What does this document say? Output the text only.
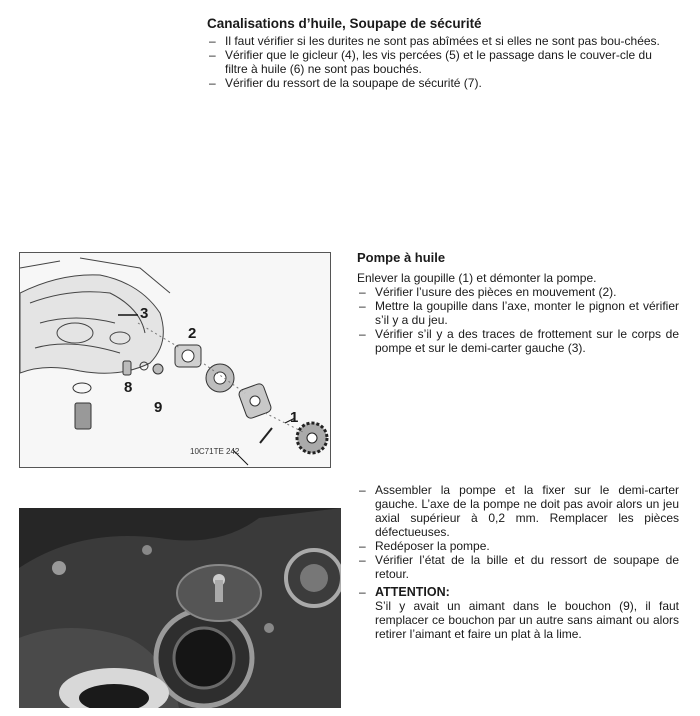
Canalisations d’huile, Soupape de sécurité
– Il faut vérifier si les durites ne sont pas abîmées et si elles ne sont pas bou-chées.
– Vérifier que le gicleur (4), les vis percées (5) et le passage dans le couver-cle du filtre à huile (6) ne sont pas bouchés.
– Vérifier du ressort de la soupape de sécurité (7).
3
2
8
9
1
10C71TE 242
Pompe à huile
Enlever la goupille (1) et démonter la pompe.
– Vérifier l’usure des pièces en mouvement (2).
– Mettre la goupille dans l’axe, monter le pignon et vérifier s’il y a du jeu.
– Vérifier s’il y a des traces de frottement sur le corps de pompe et sur le demi-carter gauche (3).
– Assembler la pompe et la fixer sur le demi-carter gauche. L’axe de la pompe ne doit pas avoir alors un jeu axial supérieur à 0,2 mm. Remplacer les pièces défectueuses.
– Redéposer la pompe.
– Vérifier l’état de la bille et du ressort de soupape de retour.
– ATTENTION:
S’il y avait un aimant dans le bouchon (9), il faut remplacer ce bouchon par un autre sans aimant ou alors retirer l’aimant et faire un plat à la lime.
